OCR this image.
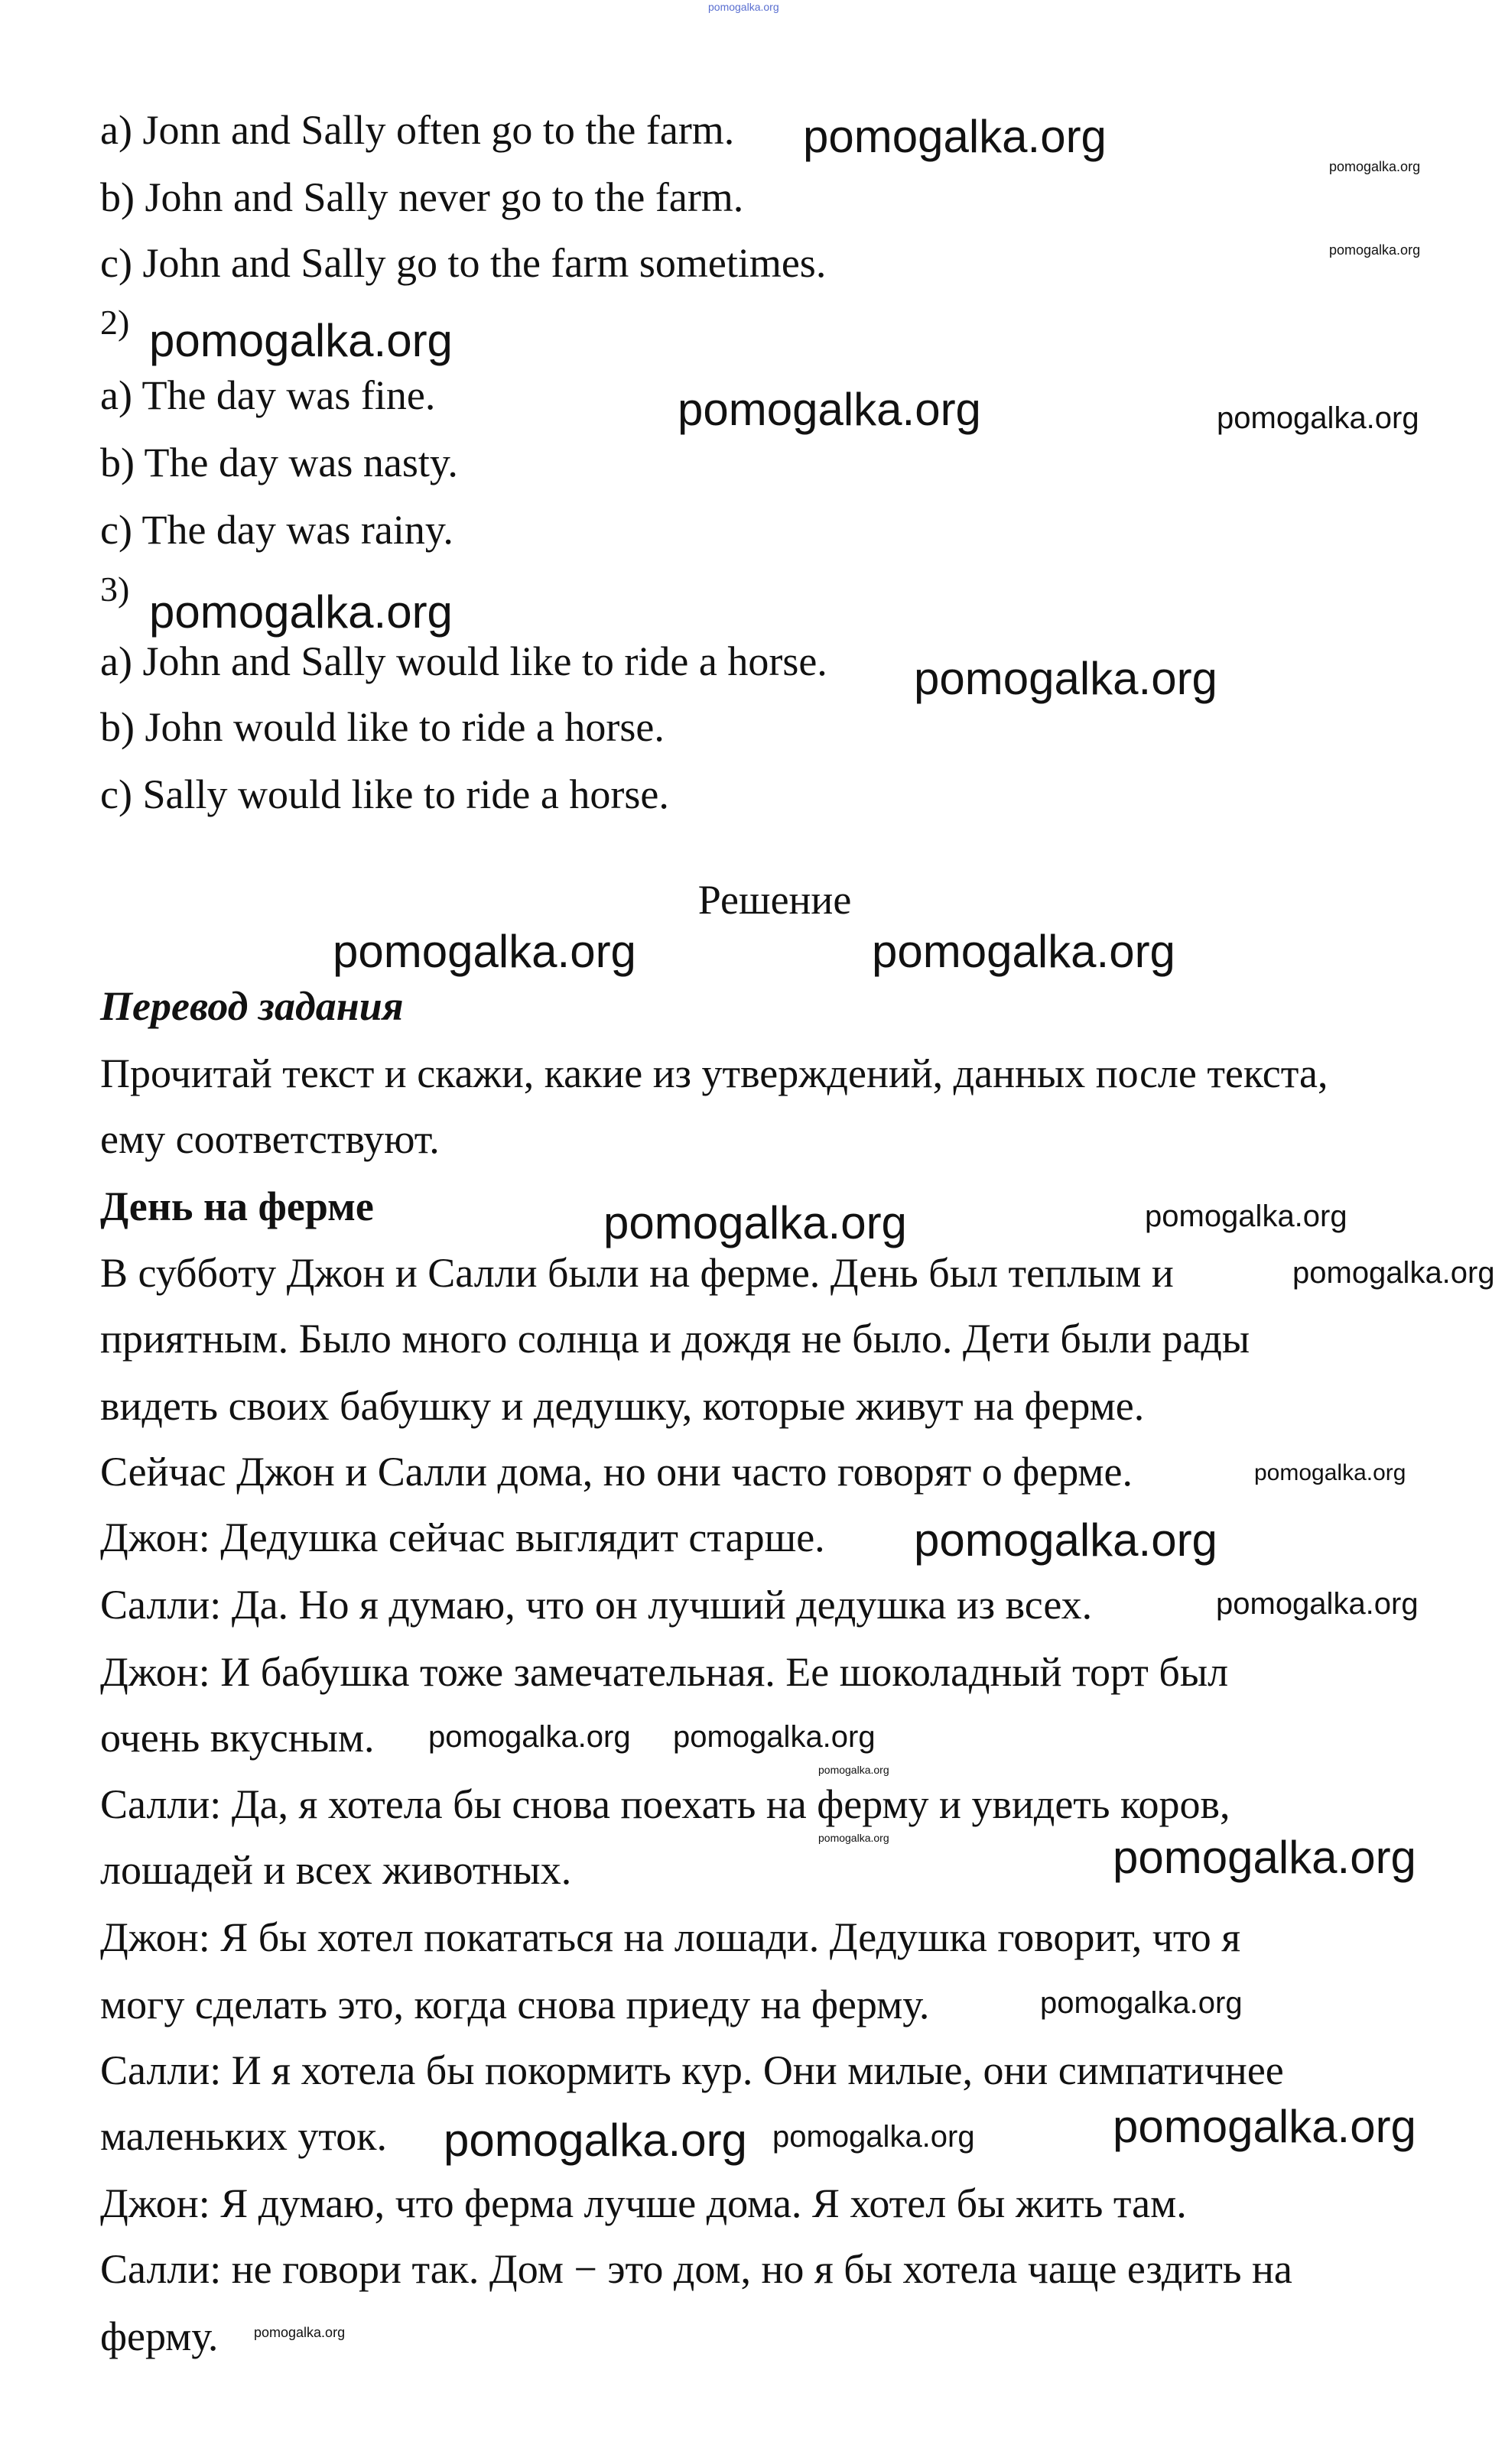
a) Jonn and Sally often go to the farm.
b) John and Sally never go to the farm.
c) John and Sally go to the farm sometimes.
2)
a) The day was fine.
b) The day was nasty.
c) The day was rainy.
3)
a) John and Sally would like to ride a horse.
b) John would like to ride a horse.
c) Sally would like to ride a horse.
Решение
Перевод задания
Прочитай текст и скажи, какие из утверждений, данных после текста,
ему соответствуют.
День на ферме
В субботу Джон и Салли были на ферме. День был теплым и
приятным. Было много солнца и дождя не было. Дети были рады
видеть своих бабушку и дедушку, которые живут на ферме.
Сейчас Джон и Салли дома, но они часто говорят о ферме.
Джон: Дедушка сейчас выглядит старше.
Салли: Да. Но я думаю, что он лучший дедушка из всех.
Джон: И бабушка тоже замечательная. Ее шоколадный торт был
очень вкусным.
Салли: Да, я хотела бы снова поехать на ферму и увидеть коров,
лошадей и всех животных.
Джон: Я бы хотел покататься на лошади. Дедушка говорит, что я
могу сделать это, когда снова приеду на ферму.
Салли: И я хотела бы покормить кур. Они милые, они симпатичнее
маленьких уток.
Джон: Я думаю, что ферма лучше дома. Я хотел бы жить там.
Салли: не говори так. Дом − это дом, но я бы хотела чаще ездить на
ферму.
pomogalka.org
pomogalka.org
pomogalka.org
pomogalka.org
pomogalka.org
pomogalka.org	pomogalka.org
pomogalka.org
pomogalka.org
pomogalka.org	pomogalka.org
pomogalka.org	pomogalka.org
pomogalka.org
pomogalka.org
pomogalka.org
pomogalka.org
pomogalka.org pomogalka.org
pomogalka.org
pomogalka.org	pomogalka.org
pomogalka.org
pomogalka.org	pomogalka.org
pomogalka.org
pomogalka.org
